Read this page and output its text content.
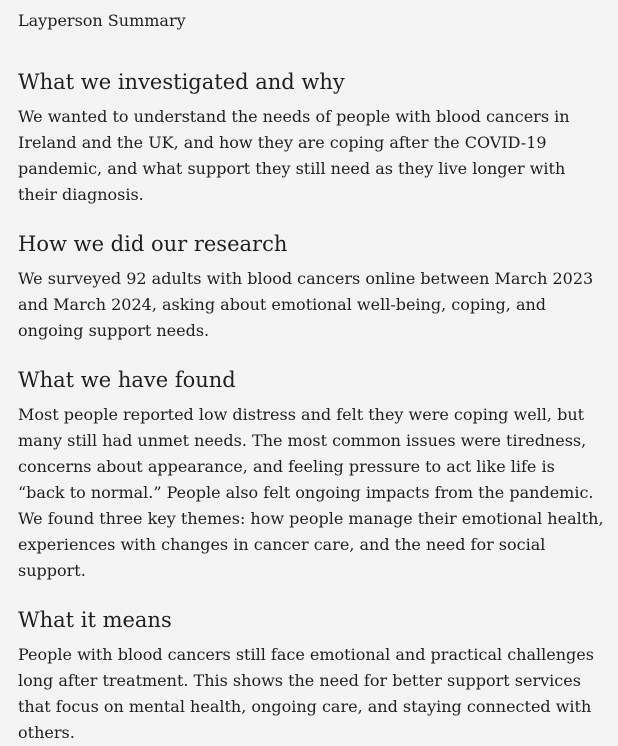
Layperson Summary
What we investigated and why

We wanted to understand the needs of people with blood cancers in Ireland and the UK, and how they are coping after the COVID-19 pandemic, and what support they still need as they live longer with their diagnosis.

How we did our research

We surveyed 92 adults with blood cancers online between March 2023 and March 2024, asking about emotional well-being, coping, and ongoing support needs.

What we have found

Most people reported low distress and felt they were coping well, but many still had unmet needs. The most common issues were tiredness, concerns about appearance, and feeling pressure to act like life is “back to normal.” People also felt ongoing impacts from the pandemic. We found three key themes: how people manage their emotional health, experiences with changes in cancer care, and the need for social support.

What it means

People with blood cancers still face emotional and practical challenges long after treatment. This shows the need for better support services that focus on mental health, ongoing care, and staying connected with others.
